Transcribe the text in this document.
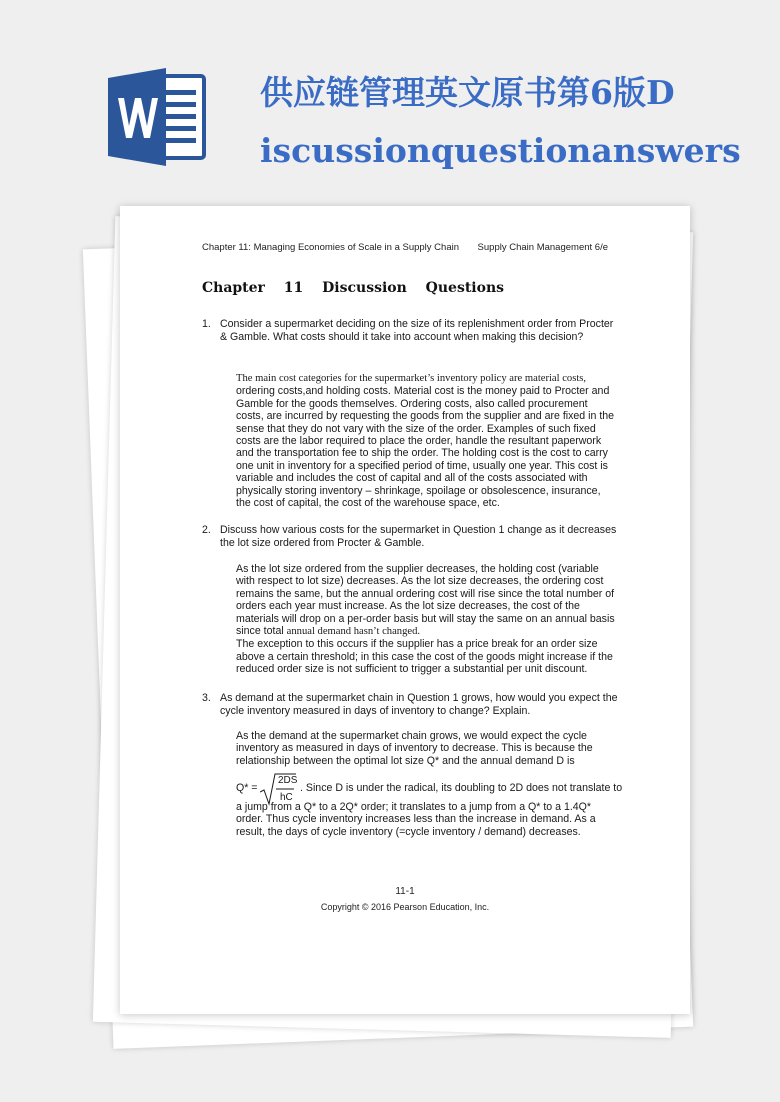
供应链管理英文原书第6版D
iscussionquestionanswers
Chapter 11: Managing Economies of Scale in a Supply Chain Supply Chain Management 6/e
Chapter 11 Discussion Questions
1. Consider a supermarket deciding on the size of its replenishment order from Procter & Gamble. What costs should it take into account when making this decision?
The main cost categories for the supermarket’s inventory policy are material costs, ordering costs,and holding costs. Material cost is the money paid to Procter and Gamble for the goods themselves. Ordering costs, also called procurement costs, are incurred by requesting the goods from the supplier and are fixed in the sense that they do not vary with the size of the order. Examples of such fixed costs are the labor required to place the order, handle the resultant paperwork and the transportation fee to ship the order. The holding cost is the cost to carry one unit in inventory for a specified period of time, usually one year. This cost is variable and includes the cost of capital and all of the costs associated with physically storing inventory – shrinkage, spoilage or obsolescence, insurance, the cost of capital, the cost of the warehouse space, etc.
2. Discuss how various costs for the supermarket in Question 1 change as it decreases the lot size ordered from Procter & Gamble.
As the lot size ordered from the supplier decreases, the holding cost (variable with respect to lot size) decreases. As the lot size decreases, the ordering cost remains the same, but the annual ordering cost will rise since the total number of orders each year must increase. As the lot size decreases, the cost of the materials will drop on a per-order basis but will stay the same on an annual basis since total annual demand hasn’t changed.
The exception to this occurs if the supplier has a price break for an order size above a certain threshold; in this case the cost of the goods might increase if the reduced order size is not sufficient to trigger a substantial per unit discount.
3. As demand at the supermarket chain in Question 1 grows, how would you expect the cycle inventory measured in days of inventory to change? Explain.
As the demand at the supermarket chain grows, we would expect the cycle inventory as measured in days of inventory to decrease. This is because the relationship between the optimal lot size Q* and the annual demand D is
Q* =
2DS
hC
. Since D is under the radical, its doubling to 2D does not translate to
a jump from a Q* to a 2Q* order; it translates to a jump from a Q* to a 1.4Q* order. Thus cycle inventory increases less than the increase in demand. As a result, the days of cycle inventory (=cycle inventory / demand) decreases.
11-1
Copyright © 2016 Pearson Education, Inc.
